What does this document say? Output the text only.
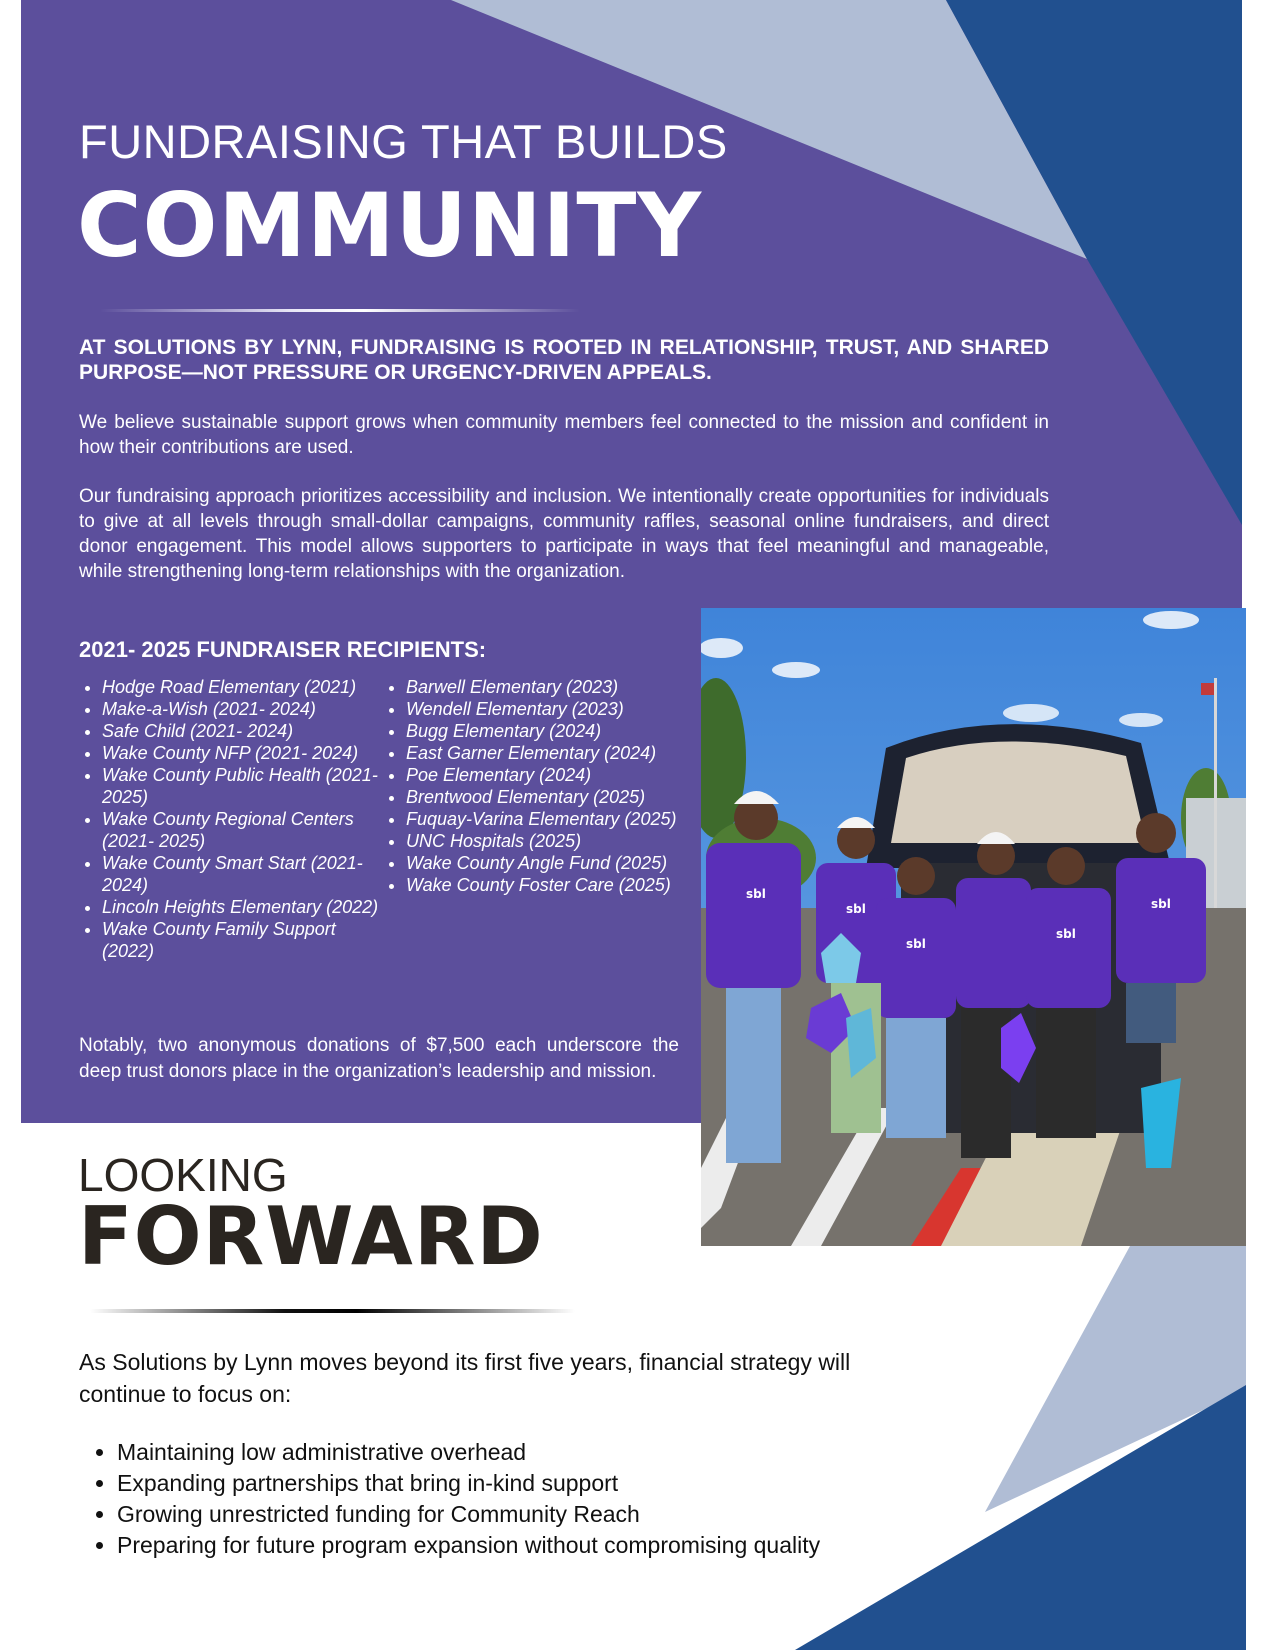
FUNDRAISING THAT BUILDS
COMMUNITY
AT SOLUTIONS BY LYNN, FUNDRAISING IS ROOTED IN RELATIONSHIP, TRUST, AND SHARED PURPOSE—NOT PRESSURE OR URGENCY-DRIVEN APPEALS.
We believe sustainable support grows when community members feel connected to the mission and confident in how their contributions are used.
Our fundraising approach prioritizes accessibility and inclusion. We intentionally create opportunities for individuals to give at all levels through small-dollar campaigns, community raffles, seasonal online fundraisers, and direct donor engagement. This model allows supporters to participate in ways that feel meaningful and manageable, while strengthening long-term relationships with the organization.
2021- 2025 FUNDRAISER RECIPIENTS:
• Hodge Road Elementary (2021)
• Make-a-Wish (2021- 2024)
• Safe Child (2021- 2024)
• Wake County NFP (2021- 2024)
• Wake County Public Health (2021- 2025)
• Wake County Regional Centers (2021- 2025)
• Wake County Smart Start (2021- 2024)
• Lincoln Heights Elementary (2022)
• Wake County Family Support (2022)
• Barwell Elementary (2023)
• Wendell Elementary (2023)
• Bugg Elementary (2024)
• East Garner Elementary (2024)
• Poe Elementary (2024)
• Brentwood Elementary (2025)
• Fuquay-Varina Elementary (2025)
• UNC Hospitals (2025)
• Wake County Angle Fund (2025)
• Wake County Foster Care (2025)
Notably, two anonymous donations of $7,500 each underscore the deep trust donors place in the organization’s leadership and mission.
sbl
sbl
sbl
sbl
sbl
LOOKING
FORWARD
As Solutions by Lynn moves beyond its first five years, financial strategy will continue to focus on:
• Maintaining low administrative overhead
• Expanding partnerships that bring in-kind support
• Growing unrestricted funding for Community Reach
• Preparing for future program expansion without compromising quality
